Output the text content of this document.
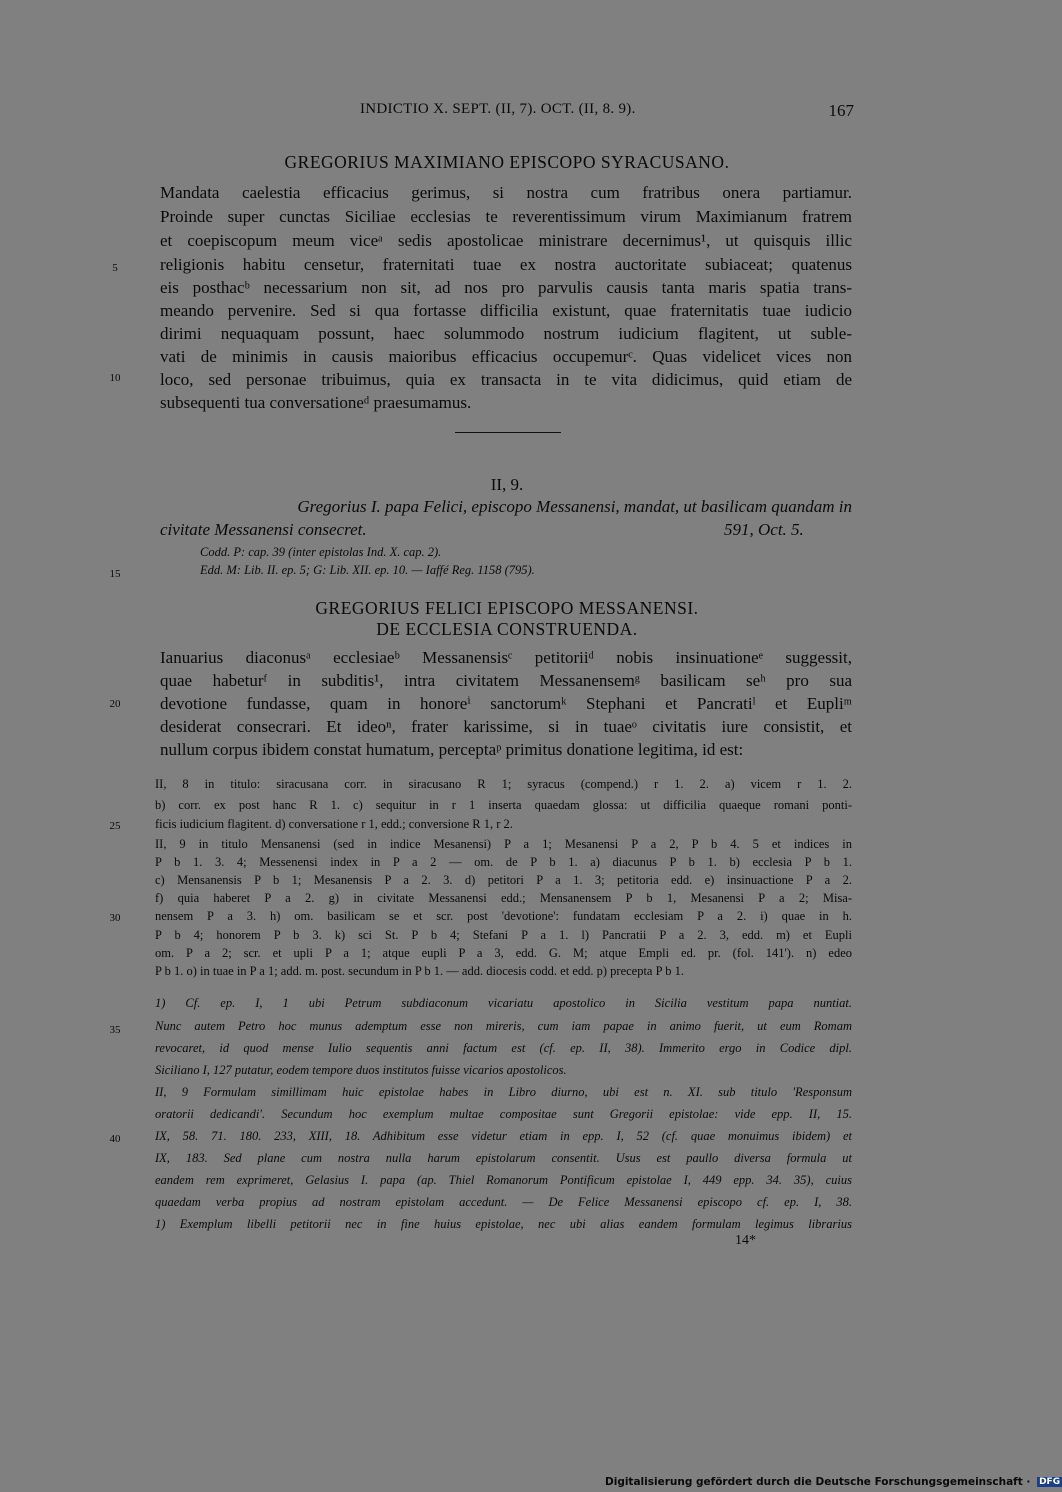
INDICTIO X. SEPT. (II, 7). OCT. (II, 8. 9).	167
GREGORIUS MAXIMIANO EPISCOPO SYRACUSANO.
Mandata caelestia efficacius gerimus, si nostra cum fratribus onera partiamur.
Proinde super cunctas Siciliae ecclesias te reverentissimum virum Maximianum fratrem
et coepiscopum meum viceᵃ sedis apostolicae ministrare decernimus¹, ut quisquis illic
religionis habitu censetur, fraternitati tuae ex nostra auctoritate subiaceat; quatenus
eis posthacᵇ necessarium non sit, ad nos pro parvulis causis tanta maris spatia trans-
meando pervenire. Sed si qua fortasse difficilia existunt, quae fraternitatis tuae iudicio
dirimi nequaquam possunt, haec solummodo nostrum iudicium flagitent, ut suble-
vati de minimis in causis maioribus efficacius occupemurᶜ. Quas videlicet vices non
loco, sed personae tribuimus, quia ex transacta in te vita didicimus, quid etiam de
subsequenti tua conversationeᵈ praesumamus.
II, 9.
Gregorius I. papa Felici, episcopo Messanensi, mandat, ut basilicam quandam in
civitate Messanensi consecret.	591, Oct. 5.
Codd. P: cap. 39 (inter epistolas Ind. X. cap. 2).
Edd. M: Lib. II. ep. 5; G: Lib. XII. ep. 10. — Iaffé Reg. 1158 (795).
GREGORIUS FELICI EPISCOPO MESSANENSI.
DE ECCLESIA CONSTRUENDA.
Ianuarius diaconusᵃ ecclesiaeᵇ Messanensisᶜ petitoriiᵈ nobis insinuationeᵉ suggessit,
quae habeturᶠ in subditis¹, intra civitatem Messanensemᵍ basilicam seʰ pro sua
devotione fundasse, quam in honoreⁱ sanctorumᵏ Stephani et Pancratiˡ et Eupliᵐ
desiderat consecrari. Et ideoⁿ, frater karissime, si in tuaeᵒ civitatis iure consistit, et
nullum corpus ibidem constat humatum, perceptaᵖ primitus donatione legitima, id est:
II, 8 in titulo: siracusana corr. in siracusano R 1; syracus (compend.) r 1. 2. a) vicem r 1. 2.
b) corr. ex post hanc R 1. c) sequitur in r 1 inserta quaedam glossa: ut difficilia quaeque romani ponti-
ficis iudicium flagitent. d) conversatione r 1, edd.; conversione R 1, r 2.
II, 9 in titulo Mensanensi (sed in indice Mesanensi) P a 1; Mesanensi P a 2, P b 4. 5 et indices in
P b 1. 3. 4; Messenensi index in P a 2 — om. de P b 1. a) diacunus P b 1. b) ecclesia P b 1.
c) Mensanensis P b 1; Mesanensis P a 2. 3. d) petitori P a 1. 3; petitoria edd. e) insinuactione P a 2.
f) quia haberet P a 2. g) in civitate Messanensi edd.; Mensanensem P b 1, Mesanensi P a 2; Misa-
nensem P a 3. h) om. basilicam se et scr. post 'devotione': fundatam ecclesiam P a 2. i) quae in h.
P b 4; honorem P b 3. k) sci St. P b 4; Stefani P a 1. l) Pancratii P a 2. 3, edd. m) et Eupli
om. P a 2; scr. et upli P a 1; atque eupli P a 3, edd. G. M; atque Empli ed. pr. (fol. 141'). n) edeo
P b 1. o) in tuae in P a 1; add. m. post. secundum in P b 1. — add. diocesis codd. et edd. p) precepta P b 1.
1) Cf. ep. I, 1 ubi Petrum subdiaconum vicariatu apostolico in Sicilia vestitum papa nuntiat.
Nunc autem Petro hoc munus ademptum esse non mireris, cum iam papae in animo fuerit, ut eum Romam
revocaret, id quod mense Iulio sequentis anni factum est (cf. ep. II, 38). Immerito ergo in Codice dipl.
Siciliano I, 127 putatur, eodem tempore duos institutos fuisse vicarios apostolicos.
II, 9 Formulam simillimam huic epistolae habes in Libro diurno, ubi est n. XI. sub titulo 'Responsum
oratorii dedicandi'. Secundum hoc exemplum multae compositae sunt Gregorii epistolae: vide epp. II, 15.
IX, 58. 71. 180. 233, XIII, 18. Adhibitum esse videtur etiam in epp. I, 52 (cf. quae monuimus ibidem) et
IX, 183. Sed plane cum nostra nulla harum epistolarum consentit. Usus est paullo diversa formula ut
eandem rem exprimeret, Gelasius I. papa (ap. Thiel Romanorum Pontificum epistolae I, 449 epp. 34. 35), cuius
quaedam verba propius ad nostram epistolam accedunt. — De Felice Messanensi episcopo cf. ep. I, 38.
1) Exemplum libelli petitorii nec in fine huius epistolae, nec ubi alias eandem formulam legimus librarius
5
10
15
20
25
30
35
40
14*
Digitalisierung gefördert durch die Deutsche Forschungsgemeinschaft · DFG
